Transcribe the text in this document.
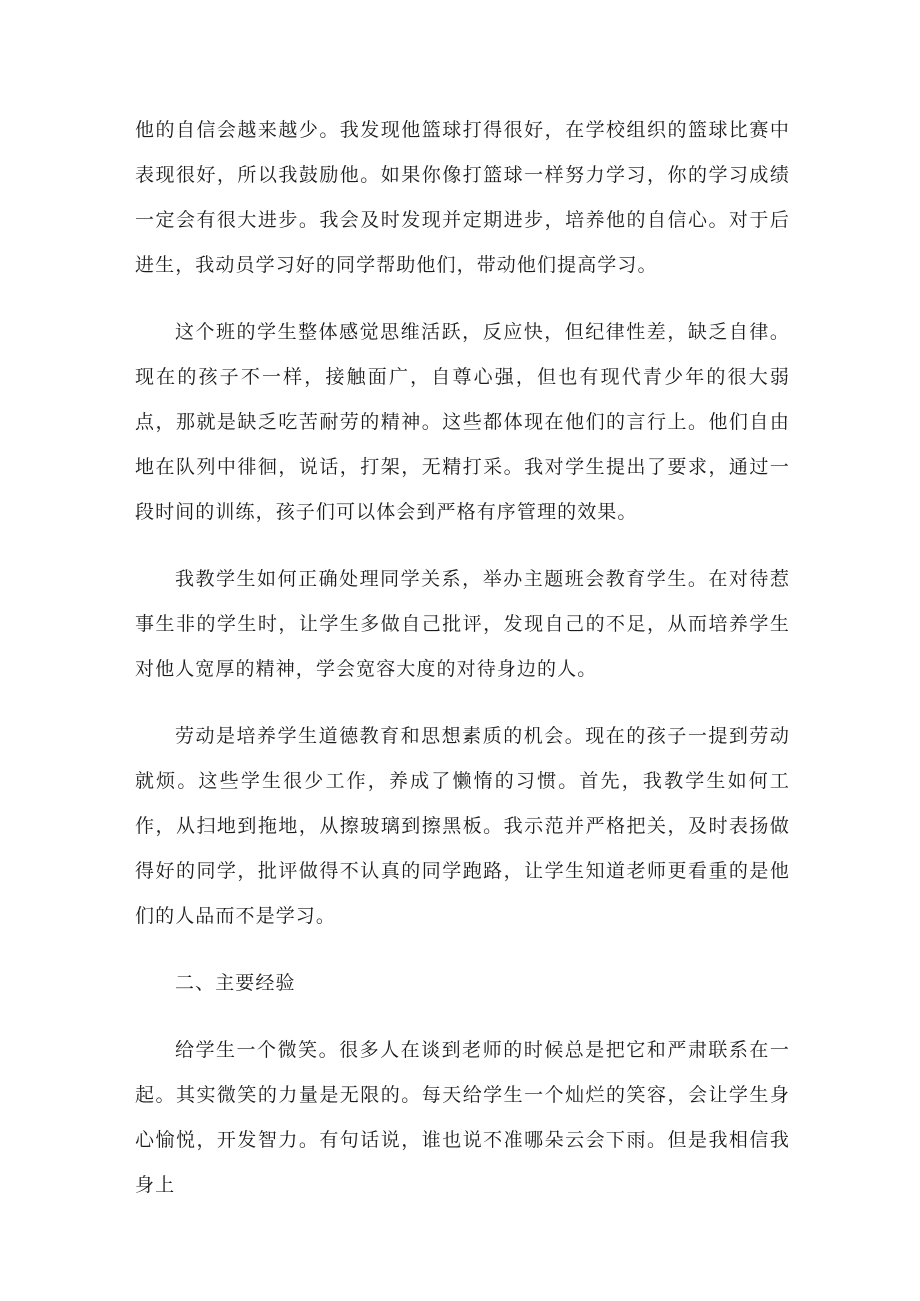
他的自信会越来越少。我发现他篮球打得很好，在学校组织的篮球比赛中表现很好，所以我鼓励他。如果你像打篮球一样努力学习，你的学习成绩一定会有很大进步。我会及时发现并定期进步，培养他的自信心。对于后进生，我动员学习好的同学帮助他们，带动他们提高学习。

这个班的学生整体感觉思维活跃，反应快，但纪律性差，缺乏自律。现在的孩子不一样，接触面广，自尊心强，但也有现代青少年的很大弱点，那就是缺乏吃苦耐劳的精神。这些都体现在他们的言行上。他们自由地在队列中徘徊，说话，打架，无精打采。我对学生提出了要求，通过一段时间的训练，孩子们可以体会到严格有序管理的效果。

我教学生如何正确处理同学关系，举办主题班会教育学生。在对待惹事生非的学生时，让学生多做自己批评，发现自己的不足，从而培养学生对他人宽厚的精神，学会宽容大度的对待身边的人。

劳动是培养学生道德教育和思想素质的机会。现在的孩子一提到劳动就烦。这些学生很少工作，养成了懒惰的习惯。首先，我教学生如何工作，从扫地到拖地，从擦玻璃到擦黑板。我示范并严格把关，及时表扬做得好的同学，批评做得不认真的同学跑路，让学生知道老师更看重的是他们的人品而不是学习。

二、主要经验

给学生一个微笑。很多人在谈到老师的时候总是把它和严肃联系在一起。其实微笑的力量是无限的。每天给学生一个灿烂的笑容，会让学生身心愉悦，开发智力。有句话说，谁也说不准哪朵云会下雨。但是我相信我身上
